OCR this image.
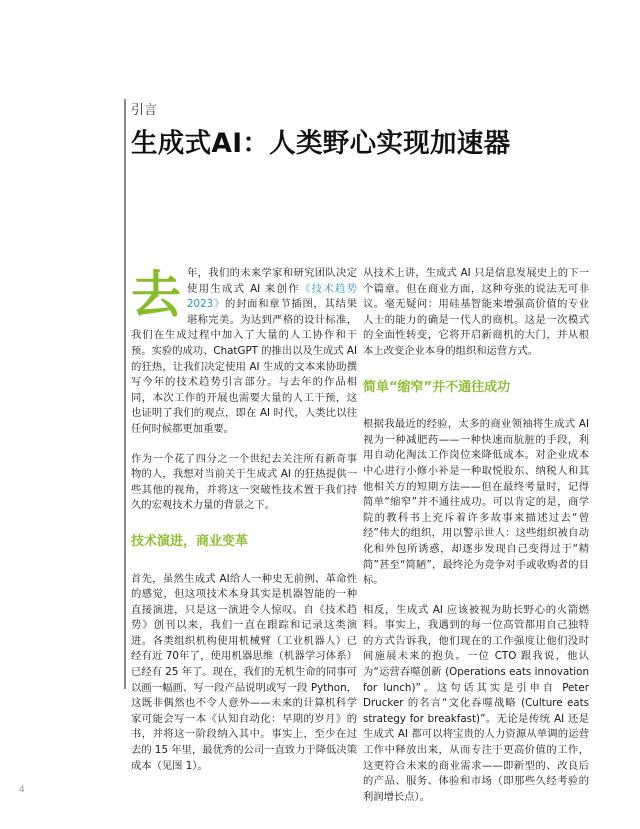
引言
生成式AI：人类野心实现加速器

去年，我们的未来学家和研究团队决定使用生成式 AI 来创作《技术趋势 2023》的封面和章节插图，其结果堪称完美。为达到严格的设计标准，我们在生成过程中加入了大量的人工协作和干预。实验的成功、ChatGPT 的推出以及生成式 AI 的狂热，让我们决定使用 AI 生成的文本来协助撰写今年的技术趋势引言部分。与去年的作品相同，本次工作的开展也需要大量的人工干预，这也证明了我们的观点，即在 AI 时代，人类比以往任何时候都更加重要。

作为一个花了四分之一个世纪去关注所有新奇事物的人，我想对当前关于生成式 AI 的狂热提供一些其他的视角，并将这一突破性技术置于我们持久的宏观技术力量的背景之下。

技术演进，商业变革

首先，虽然生成式 AI给人一种史无前例、革命性的感觉，但这项技术本身其实是机器智能的一种直接演进，只是这一演进令人惊叹。自《技术趋势》创刊以来，我们一直在跟踪和记录这类演进。各类组织机构使用机械臂（工业机器人）已经有近 70年了，使用机器思维（机器学习体系）已经有 25 年了。现在，我们的无机生命的同事可以画一幅画、写一段产品说明或写一段 Python，这既非偶然也不令人意外——未来的计算机科学家可能会写一本《认知自动化：早期的岁月》的书，并将这一阶段纳入其中。事实上，至少在过去的 15 年里，最优秀的公司一直致力于降低决策成本（见图 1）。

从技术上讲，生成式 AI 只是信息发展史上的下一个篇章。但在商业方面，这种夸张的说法无可非议。毫无疑问：用硅基智能来增强高价值的专业人士的能力的确是一代人的商机。这是一次模式的全面性转变，它将开启新商机的大门，并从根本上改变企业本身的组织和运营方式。

简单“缩窄”并不通往成功

根据我最近的经验，太多的商业领袖将生成式 AI 视为一种减肥药——一种快速而肮脏的手段，利用自动化淘汰工作岗位来降低成本。对企业成本中心进行小修小补是一种取悦股东、纳税人和其他相关方的短期方法——但在最终考量时，记得简单“缩窄”并不通往成功。可以肯定的是，商学院的教科书上充斥着许多故事来描述过去“曾经”伟大的组织，用以警示世人：这些组织被自动化和外包所诱惑，却逐步发现自己变得过于“精简”甚至“简陋”，最终沦为竞争对手或收购者的目标。

相反，生成式 AI 应该被视为助长野心的火箭燃料。事实上，我遇到的每一位高管都用自己独特的方式告诉我，他们现在的工作强度让他们没时间施展未来的抱负。一位 CTO 跟我说，他认为“运营吞噬创新 (Operations eats innovation for lunch)”。这句话其实是引申自 Peter Drucker 的名言“文化吞噬战略 (Culture eats strategy for breakfast)”。无论是传统 AI 还是生成式 AI 都可以将宝贵的人力资源从单调的运营工作中释放出来，从而专注于更高价值的工作，这更符合未来的商业需求——即新型的、改良后的产品、服务、体验和市场（即那些久经考验的利润增长点）。

4
